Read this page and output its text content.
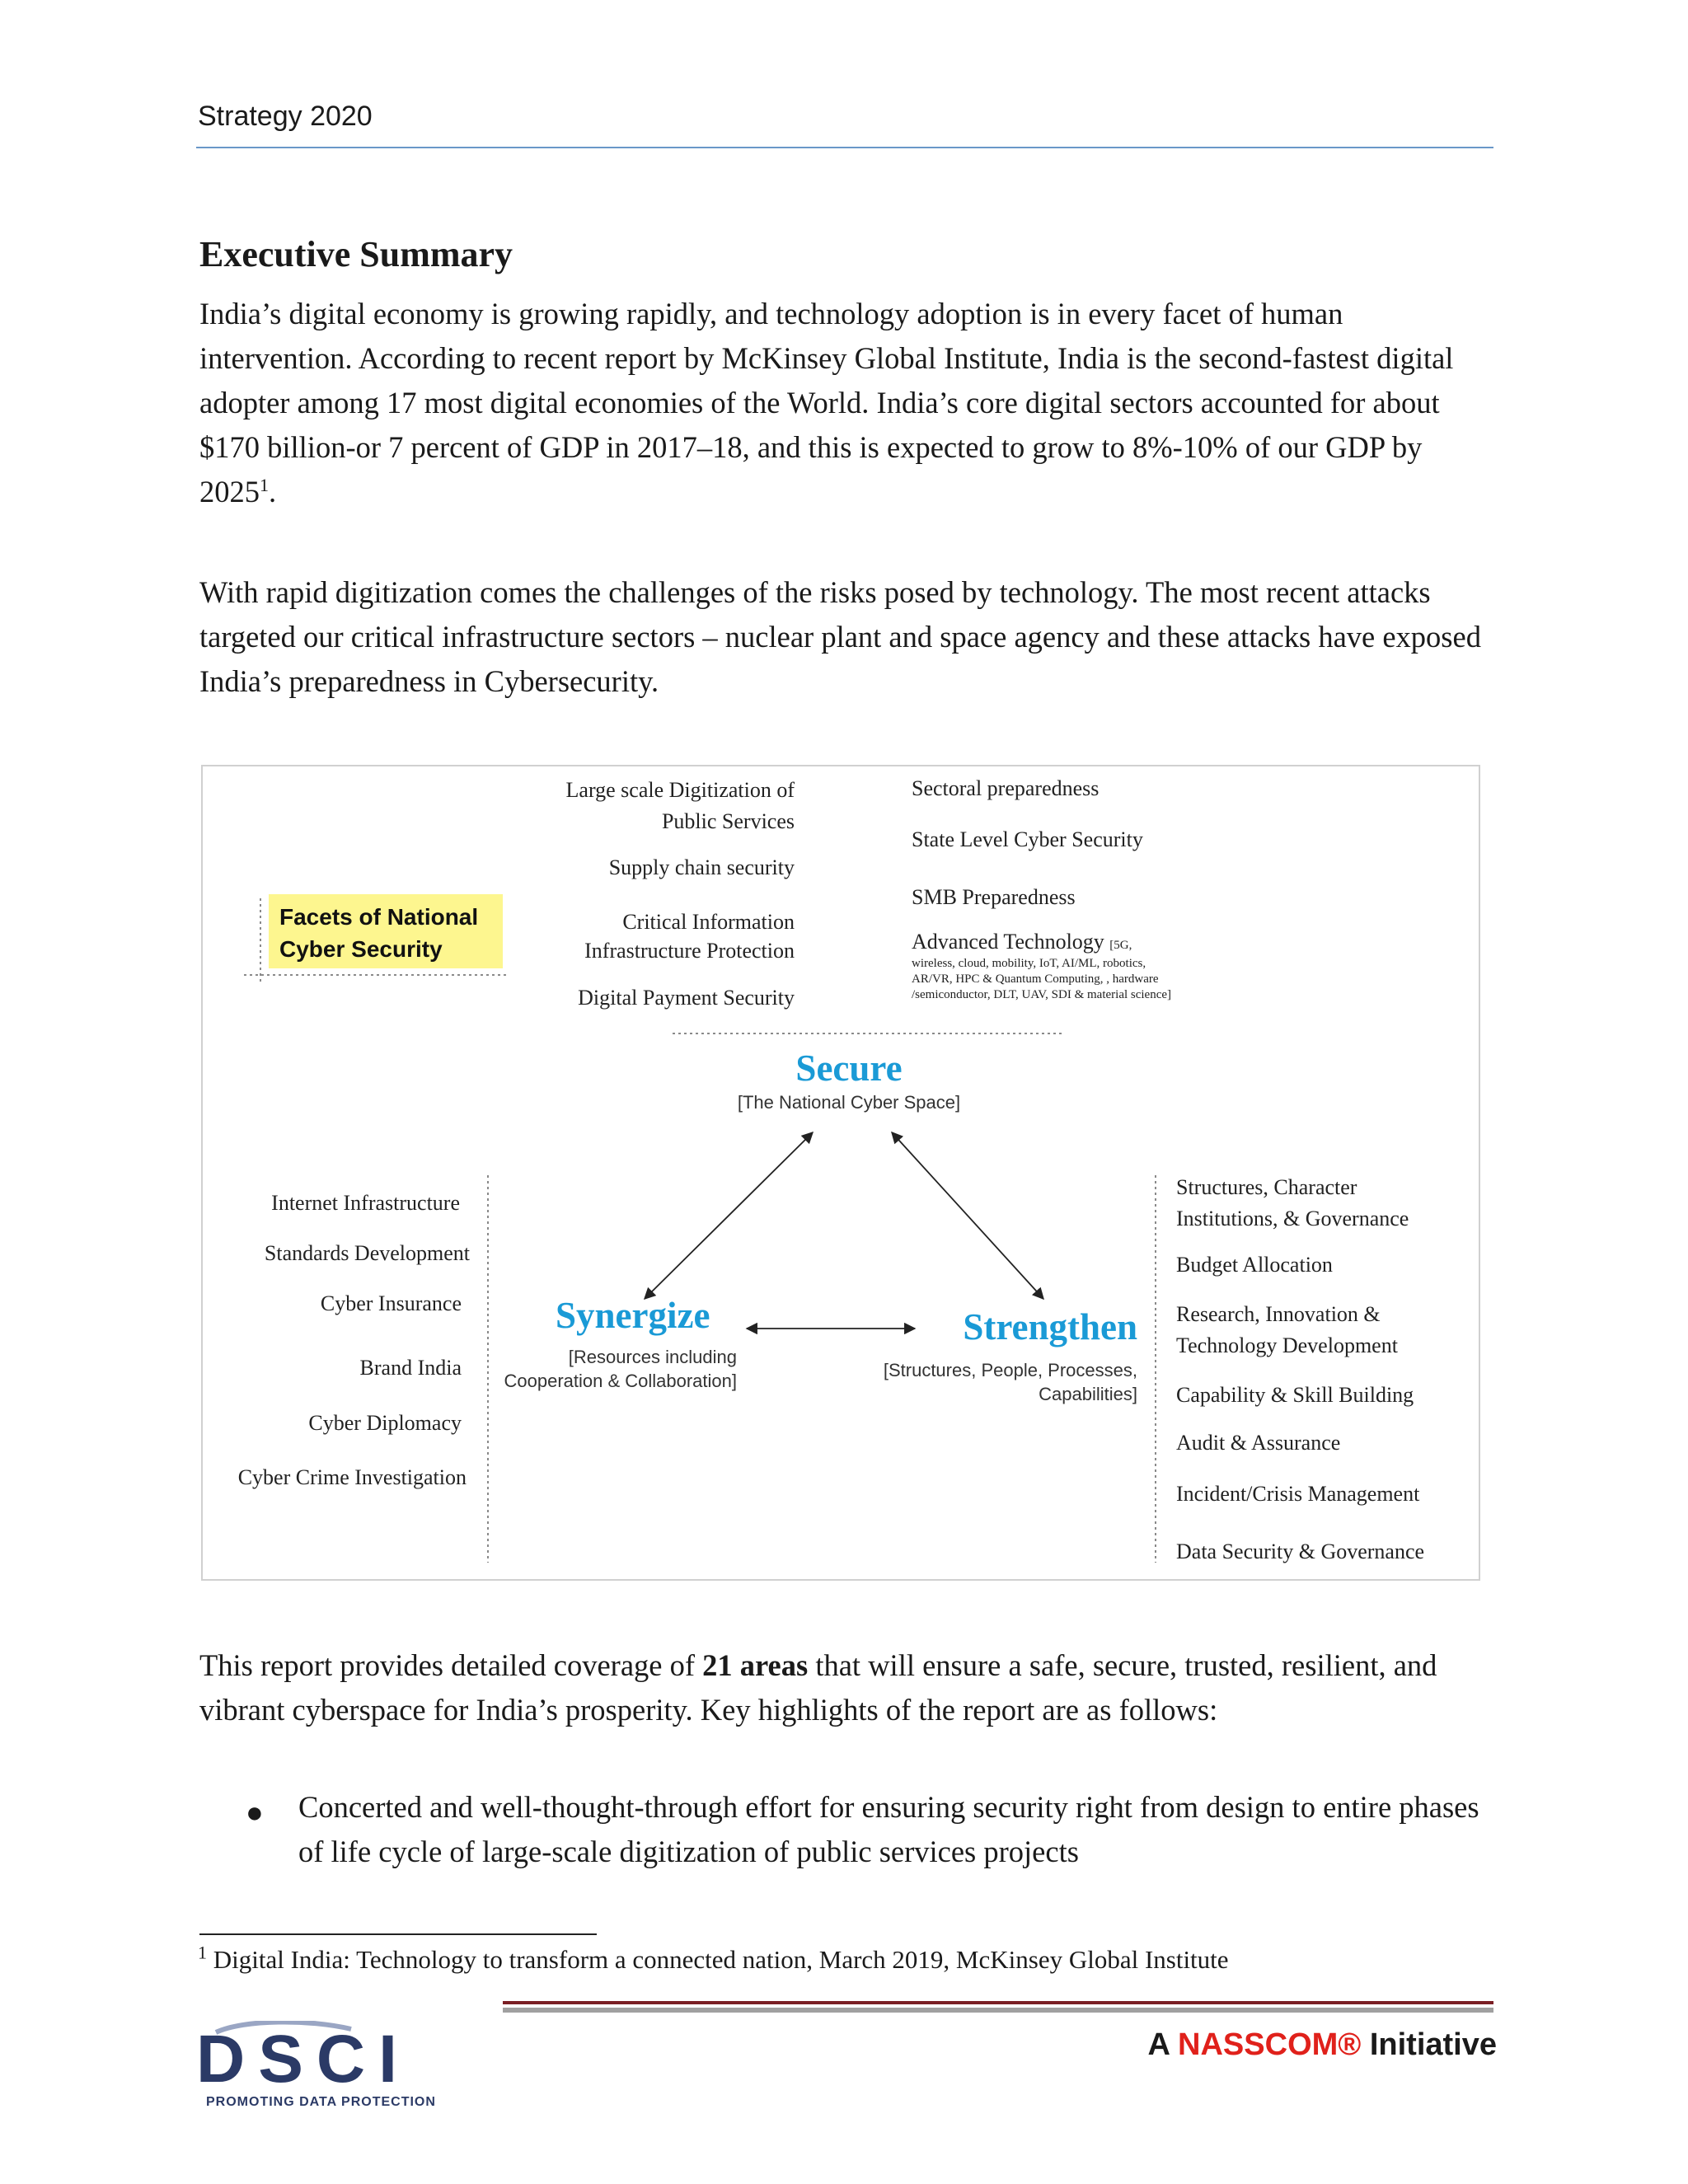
Strategy 2020
Executive Summary
India’s digital economy is growing rapidly, and technology adoption is in every facet of human intervention. According to recent report by McKinsey Global Institute, India is the second-fastest digital adopter among 17 most digital economies of the World. India’s core digital sectors accounted for about $170 billion-or 7 percent of GDP in 2017–18, and this is expected to grow to 8%-10% of our GDP by 2025$^1$.
With rapid digitization comes the challenges of the risks posed by technology. The most recent attacks targeted our critical infrastructure sectors – nuclear plant and space agency and these attacks have exposed India’s preparedness in Cybersecurity.
Facets of National
Cyber Security
Large scale Digitization of
Public Services
Supply chain security
Critical Information
Infrastructure Protection
Digital Payment Security
Sectoral preparedness
State Level Cyber Security
SMB Preparedness
Advanced Technology [5G,
wireless, cloud, mobility, IoT, AI/ML, robotics, AR/VR, HPC & Quantum Computing, , hardware /semiconductor, DLT, UAV, SDI & material science]
Secure
[The National Cyber Space]
Internet Infrastructure
Standards Development
Cyber Insurance
Brand India
Cyber Diplomacy
Cyber Crime Investigation
Synergize
[Resources including
Cooperation & Collaboration]
Strengthen
[Structures, People, Processes,
Capabilities]
Structures, Character
Institutions, & Governance
Budget Allocation
Research, Innovation &
Technology Development
Capability & Skill Building
Audit & Assurance
Incident/Crisis Management
Data Security & Governance
This report provides detailed coverage of 21 areas that will ensure a safe, secure, trusted, resilient, and vibrant cyberspace for India’s prosperity. Key highlights of the report are as follows:
● Concerted and well-thought-through effort for ensuring security right from design to entire phases of life cycle of large-scale digitization of public services projects
$^1$ Digital India: Technology to transform a connected nation, March 2019, McKinsey Global Institute
DSCI
PROMOTING DATA PROTECTION
A NASSCOM® Initiative
